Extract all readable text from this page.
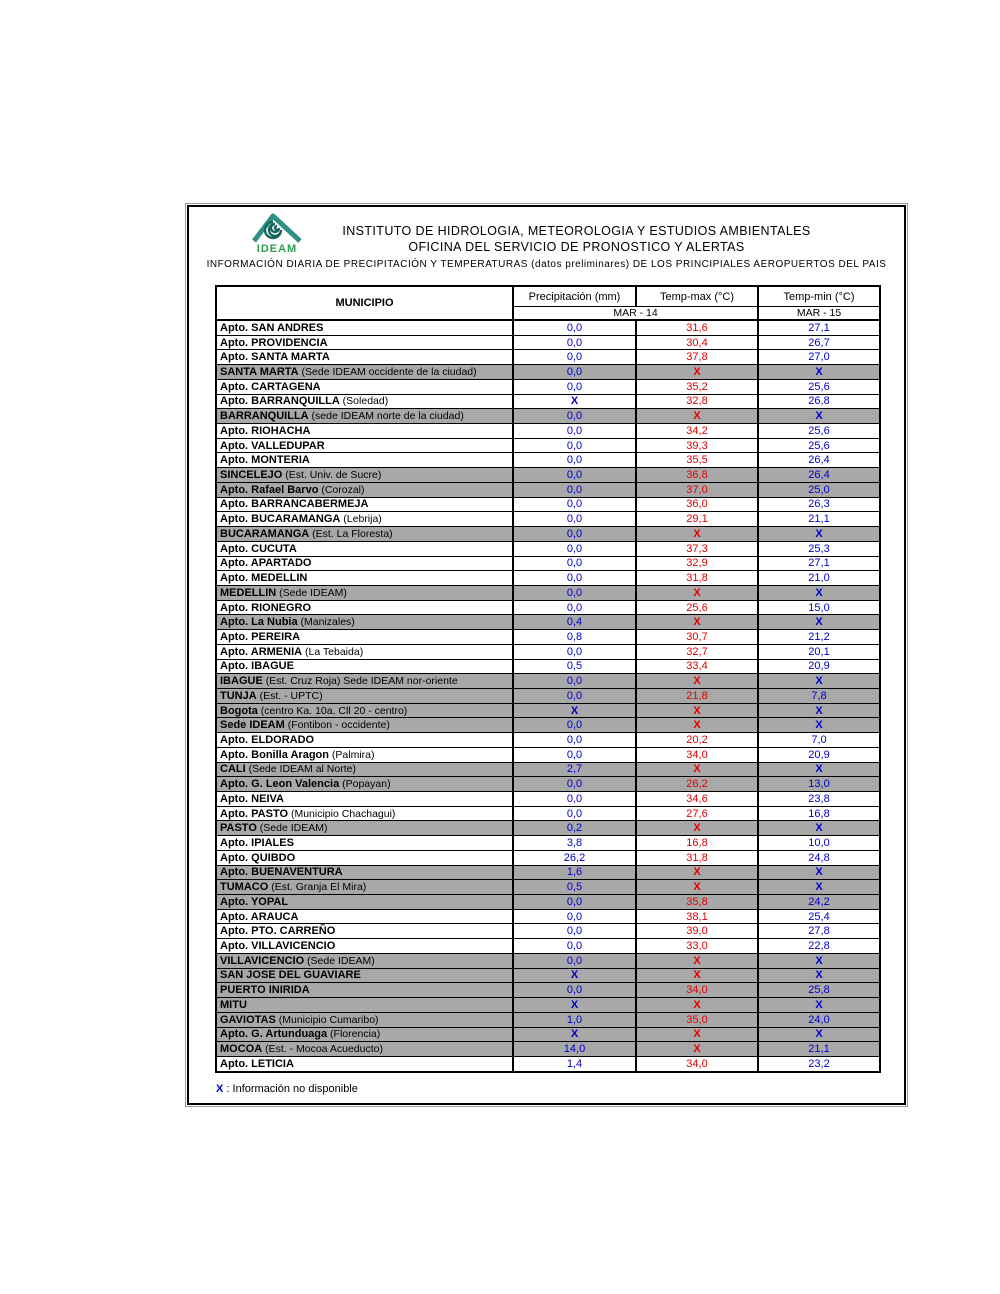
IDEAM
INSTITUTO DE HIDROLOGIA, METEOROLOGIA Y ESTUDIOS AMBIENTALES
OFICINA DEL SERVICIO DE PRONOSTICO Y ALERTAS
INFORMACIÓN DIARIA DE PRECIPITACIÓN Y TEMPERATURAS (datos preliminares) DE LOS PRINCIPIALES AEROPUERTOS DEL PAIS
MUNICIPIO	Precipitación (mm)	Temp-max (°C)	Temp-min (°C)
	MAR - 14		MAR - 15
Apto. SAN ANDRES	0,0	31,6	27,1
Apto. PROVIDENCIA	0,0	30,4	26,7
Apto. SANTA MARTA	0,0	37,8	27,0
SANTA MARTA (Sede IDEAM occidente de la ciudad)	0,0	X	X
Apto. CARTAGENA	0,0	35,2	25,6
Apto. BARRANQUILLA (Soledad)	X	32,8	26,8
BARRANQUILLA (sede IDEAM norte de la ciudad)	0,0	X	X
Apto. RIOHACHA	0,0	34,2	25,6
Apto. VALLEDUPAR	0,0	39,3	25,6
Apto. MONTERIA	0,0	35,5	26,4
SINCELEJO (Est. Univ. de Sucre)	0,0	36,8	26,4
Apto. Rafael Barvo (Corozal)	0,0	37,0	25,0
Apto. BARRANCABERMEJA	0,0	36,0	26,3
Apto. BUCARAMANGA (Lebrija)	0,0	29,1	21,1
BUCARAMANGA (Est. La Floresta)	0,0	X	X
Apto. CUCUTA	0,0	37,3	25,3
Apto. APARTADO	0,0	32,9	27,1
Apto. MEDELLIN	0,0	31,8	21,0
MEDELLIN (Sede IDEAM)	0,0	X	X
Apto. RIONEGRO	0,0	25,6	15,0
Apto. La Nubia (Manizales)	0,4	X	X
Apto. PEREIRA	0,8	30,7	21,2
Apto. ARMENIA (La Tebaida)	0,0	32,7	20,1
Apto. IBAGUE	0,5	33,4	20,9
IBAGUE (Est. Cruz Roja) Sede IDEAM nor-oriente	0,0	X	X
TUNJA (Est. - UPTC)	0,0	21,8	7,8
Bogota (centro Ka. 10a. Cll 20 - centro)	X	X	X
Sede IDEAM (Fontibon - occidente)	0,0	X	X
Apto. ELDORADO	0,0	20,2	7,0
Apto. Bonilla Aragon (Palmira)	0,0	34,0	20,9
CALI (Sede IDEAM al Norte)	2,7	X	X
Apto. G. Leon Valencia (Popayan)	0,0	26,2	13,0
Apto. NEIVA	0,0	34,6	23,8
Apto. PASTO (Municipio Chachagui)	0,0	27,6	16,8
PASTO (Sede IDEAM)	0,2	X	X
Apto. IPIALES	3,8	16,8	10,0
Apto. QUIBDO	26,2	31,8	24,8
Apto. BUENAVENTURA	1,6	X	X
TUMACO (Est. Granja El Mira)	0,5	X	X
Apto. YOPAL	0,0	35,8	24,2
Apto. ARAUCA	0,0	38,1	25,4
Apto. PTO. CARREÑO	0,0	39,0	27,8
Apto. VILLAVICENCIO	0,0	33,0	22,8
VILLAVICENCIO (Sede IDEAM)	0,0	X	X
SAN JOSE DEL GUAVIARE	X	X	X
PUERTO INIRIDA	0,0	34,0	25,8
MITU	X	X	X
GAVIOTAS (Municipio Cumaribo)	1,0	35,0	24,0
Apto. G. Artunduaga (Florencia)	X	X	X
MOCOA (Est. - Mocoa Acueducto)	14,0	X	21,1
Apto. LETICIA	1,4	34,0	23,2
X : Información no disponible
